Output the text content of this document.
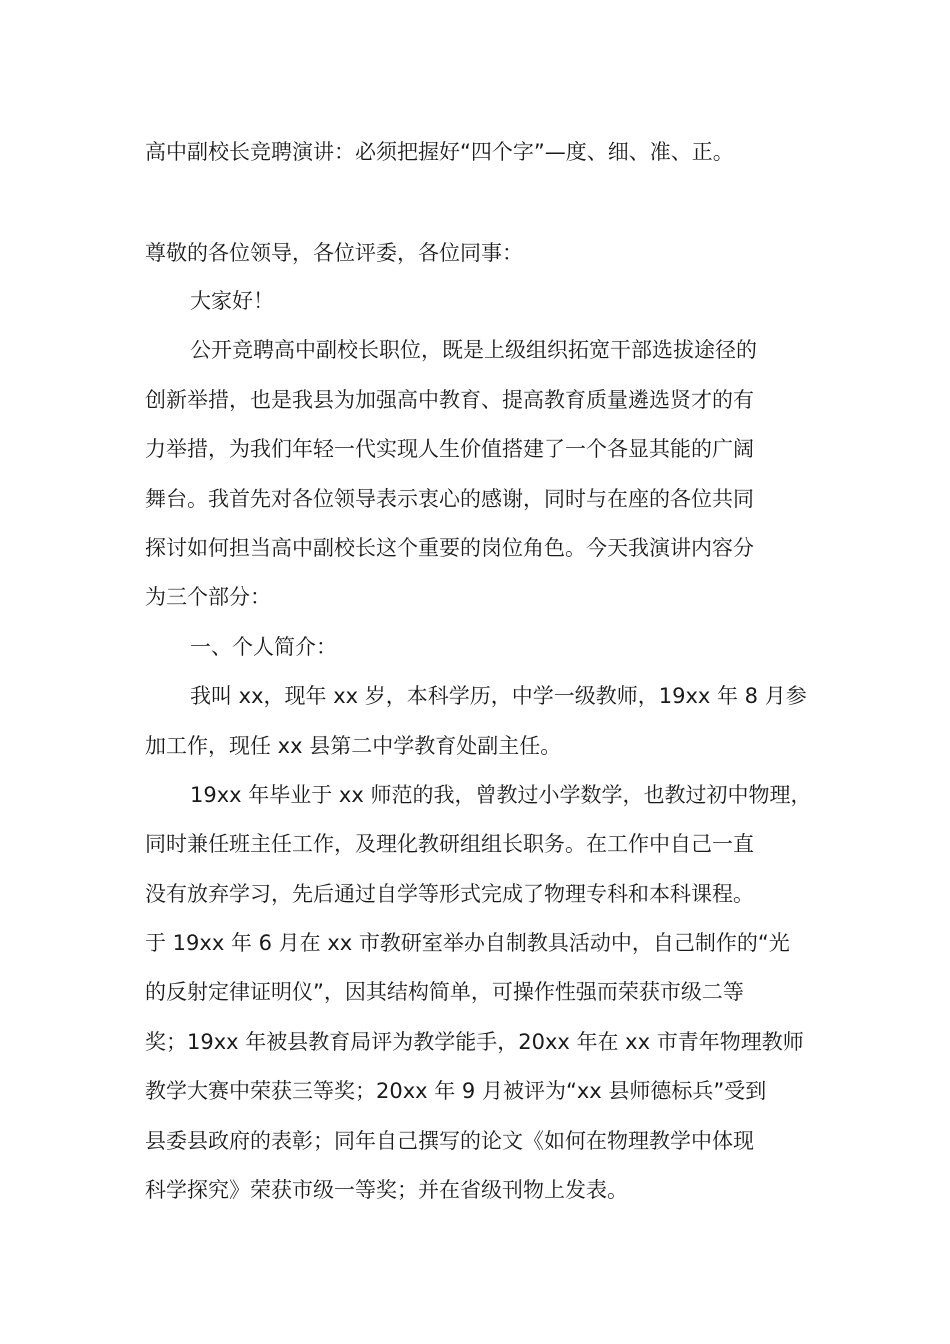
高中副校长竞聘演讲：必须把握好“四个字”—度、细、准、正。
尊敬的各位领导，各位评委，各位同事：
大家好！
公开竞聘高中副校长职位，既是上级组织拓宽干部选拔途径的
创新举措，也是我县为加强高中教育、提高教育质量遴选贤才的有
力举措，为我们年轻一代实现人生价值搭建了一个各显其能的广阔
舞台。我首先对各位领导表示衷心的感谢，同时与在座的各位共同
探讨如何担当高中副校长这个重要的岗位角色。今天我演讲内容分
为三个部分：
一、个人简介：
我叫 xx，现年 xx 岁，本科学历，中学一级教师，19xx 年 8 月参
加工作，现任 xx 县第二中学教育处副主任。
19xx 年毕业于 xx 师范的我，曾教过小学数学，也教过初中物理，
同时兼任班主任工作，及理化教研组组长职务。在工作中自己一直
没有放弃学习，先后通过自学等形式完成了物理专科和本科课程。
于 19xx 年 6 月在 xx 市教研室举办自制教具活动中，自己制作的“光
的反射定律证明仪”，因其结构简单，可操作性强而荣获市级二等
奖；19xx 年被县教育局评为教学能手，20xx 年在 xx 市青年物理教师
教学大赛中荣获三等奖；20xx 年 9 月被评为“xx 县师德标兵”受到
县委县政府的表彰；同年自己撰写的论文《如何在物理教学中体现
科学探究》荣获市级一等奖；并在省级刊物上发表。
